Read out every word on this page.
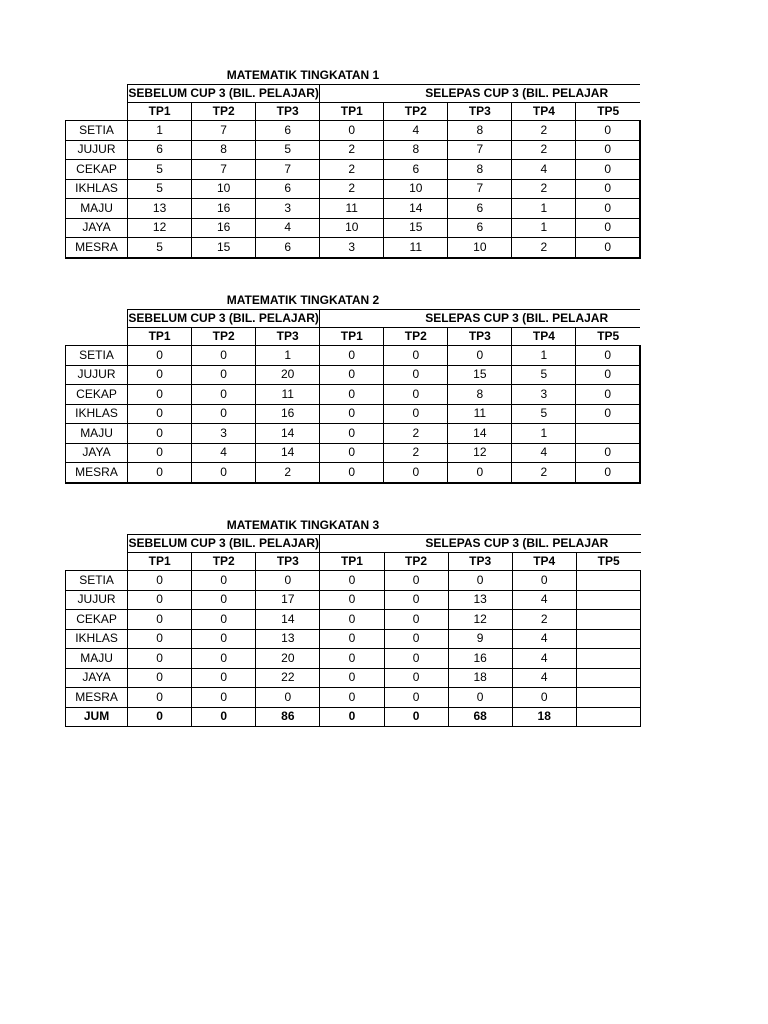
MATEMATIK TINGKATAN 1
	SEBELUM CUP 3 (BIL. PELAJAR)			SELEPAS CUP 3 (BIL. PELAJAR				
	TP1	TP2	TP3	TP1	TP2	TP3	TP4	TP5
SETIA	1	7	6	0	4	8	2	0
JUJUR	6	8	5	2	8	7	2	0
CEKAP	5	7	7	2	6	8	4	0
IKHLAS	5	10	6	2	10	7	2	0
MAJU	13	16	3	11	14	6	1	0
JAYA	12	16	4	10	15	6	1	0
MESRA	5	15	6	3	11	10	2	0
MATEMATIK TINGKATAN 2
	SEBELUM CUP 3 (BIL. PELAJAR)			SELEPAS CUP 3 (BIL. PELAJAR				
	TP1	TP2	TP3	TP1	TP2	TP3	TP4	TP5
SETIA	0	0	1	0	0	0	1	0
JUJUR	0	0	20	0	0	15	5	0
CEKAP	0	0	11	0	0	8	3	0
IKHLAS	0	0	16	0	0	11	5	0
MAJU	0	3	14	0	2	14	1	
JAYA	0	4	14	0	2	12	4	0
MESRA	0	0	2	0	0	0	2	0
MATEMATIK TINGKATAN 3
	SEBELUM CUP 3 (BIL. PELAJAR)			SELEPAS CUP 3 (BIL. PELAJAR				
	TP1	TP2	TP3	TP1	TP2	TP3	TP4	TP5
SETIA	0	0	0	0	0	0	0	
JUJUR	0	0	17	0	0	13	4	
CEKAP	0	0	14	0	0	12	2	
IKHLAS	0	0	13	0	0	9	4	
MAJU	0	0	20	0	0	16	4	
JAYA	0	0	22	0	0	18	4	
MESRA	0	0	0	0	0	0	0	
JUM	0	0	86	0	0	68	18	
